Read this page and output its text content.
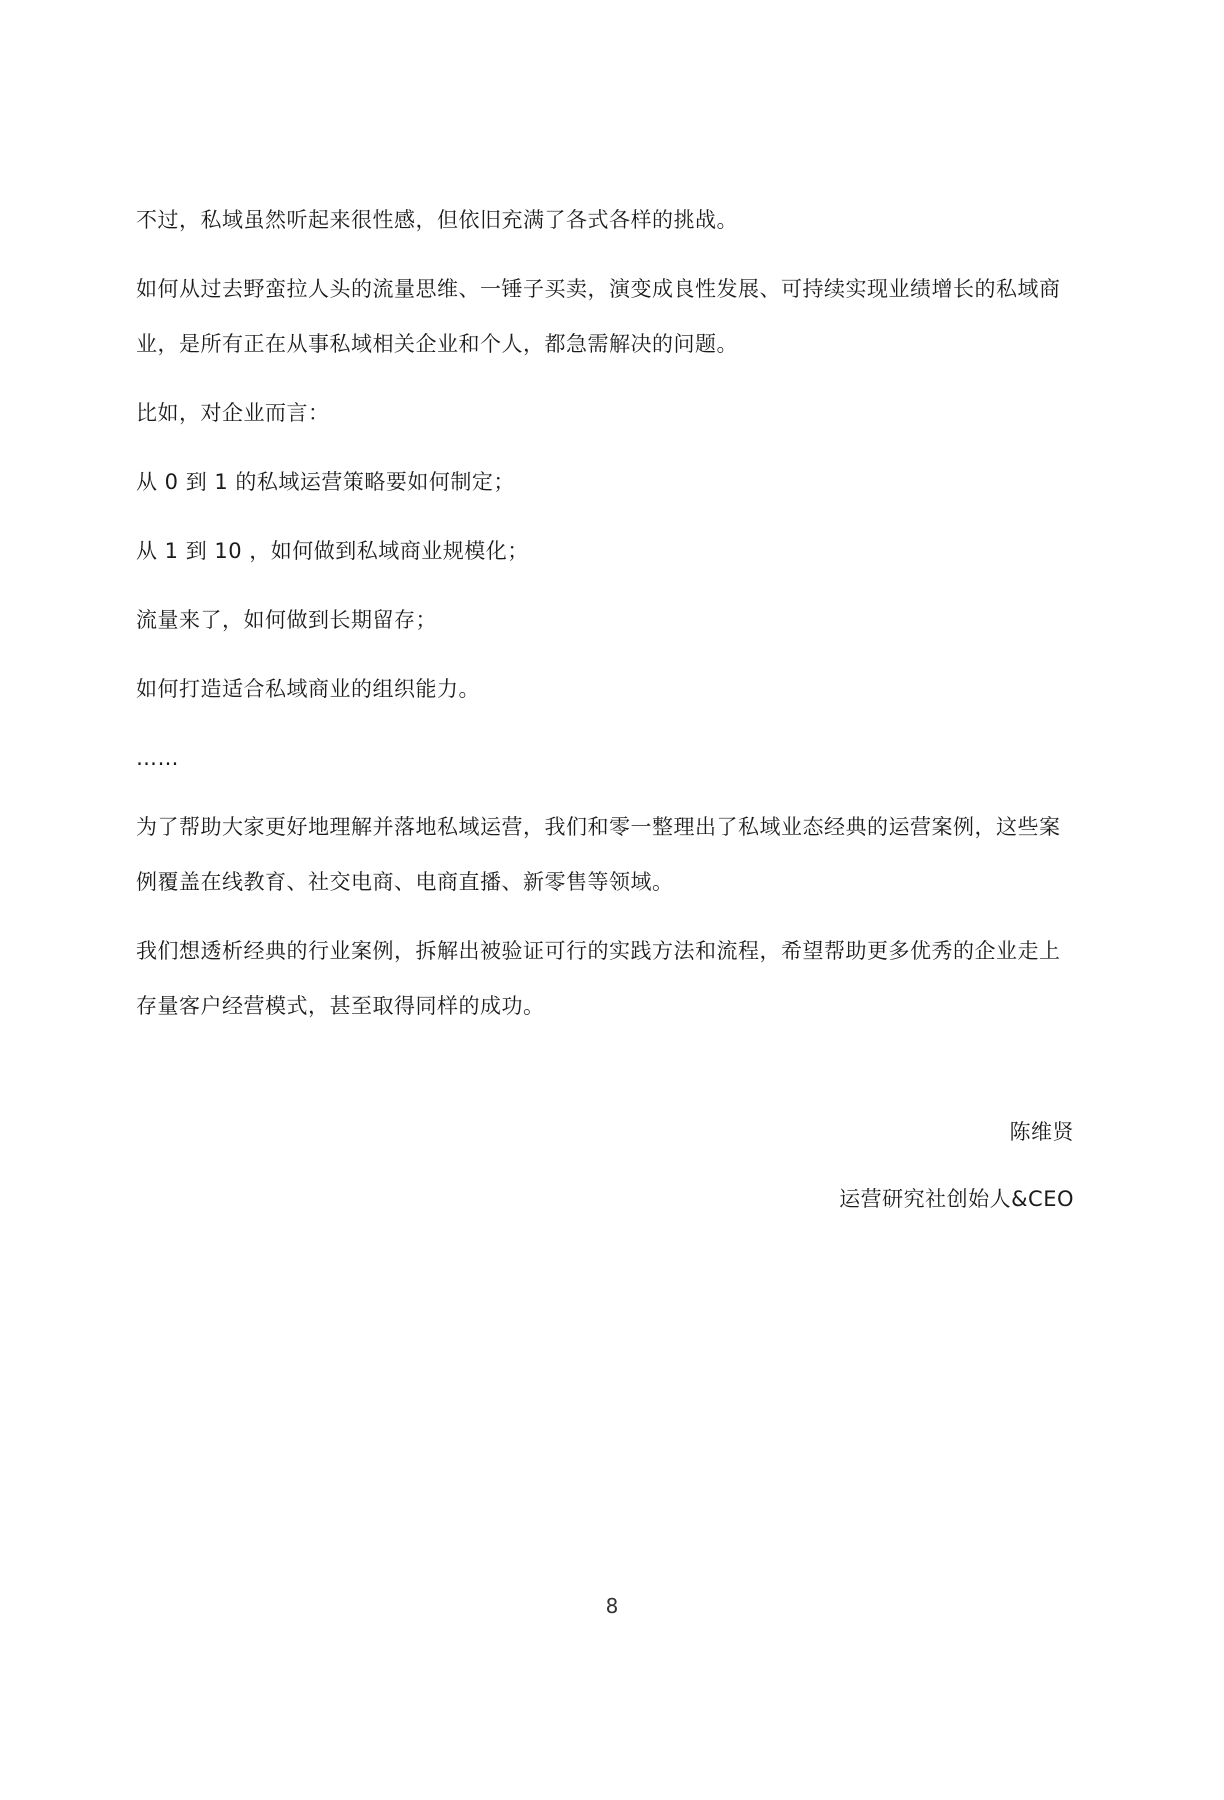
不过，私域虽然听起来很性感，但依旧充满了各式各样的挑战。

如何从过去野蛮拉人头的流量思维、一锤子买卖，演变成良性发展、可持续实现业绩增长的私域商业，是所有正在从事私域相关企业和个人，都急需解决的问题。

比如，对企业而言：

从 0 到 1 的私域运营策略要如何制定；

从 1 到 10 ，如何做到私域商业规模化；

流量来了，如何做到长期留存；

如何打造适合私域商业的组织能力。

……

为了帮助大家更好地理解并落地私域运营，我们和零一整理出了私域业态经典的运营案例，这些案例覆盖在线教育、社交电商、电商直播、新零售等领域。

我们想透析经典的行业案例，拆解出被验证可行的实践方法和流程，希望帮助更多优秀的企业走上存量客户经营模式，甚至取得同样的成功。

陈维贤
运营研究社创始人&CEO
8
